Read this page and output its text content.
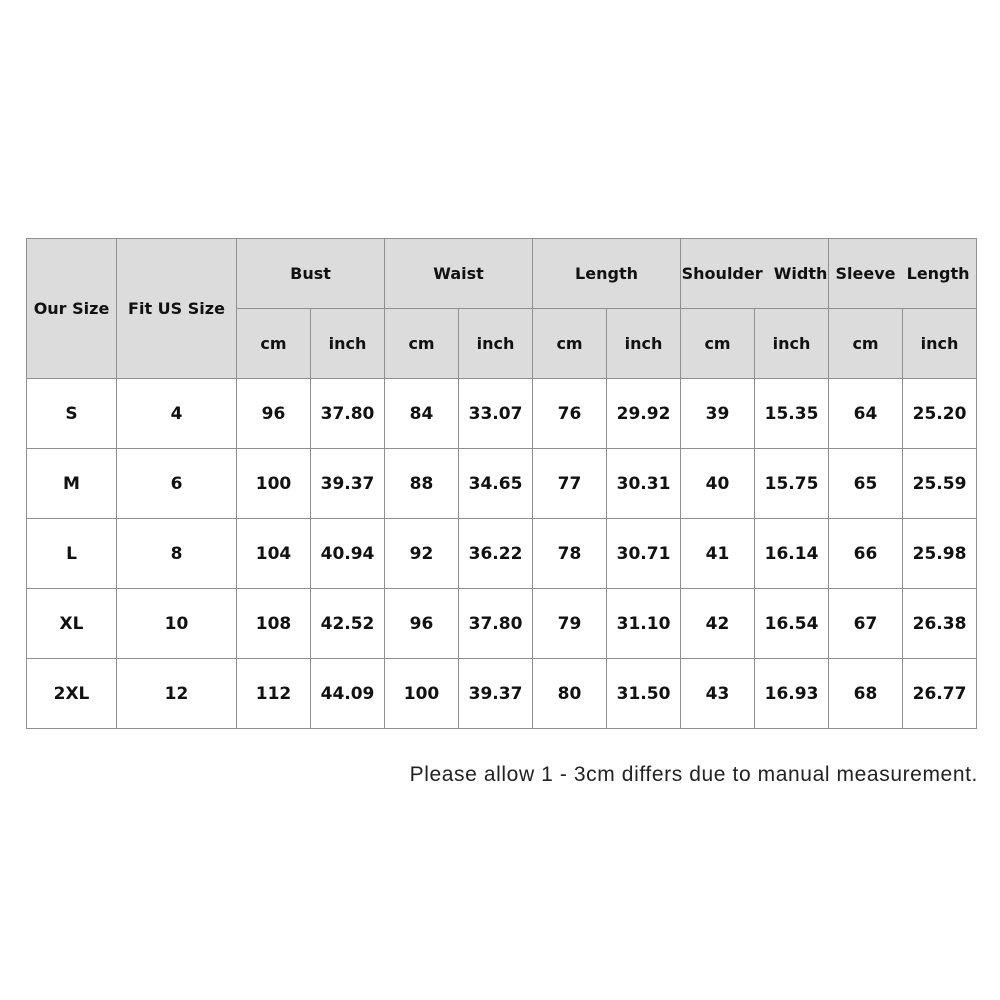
Our Size	Fit US Size	Bust		Waist		Length		Shoulder  Width		Sleeve  Length	
		cm	inch	cm	inch	cm	inch	cm	inch	cm	inch
S	4	96	37.80	84	33.07	76	29.92	39	15.35	64	25.20
M	6	100	39.37	88	34.65	77	30.31	40	15.75	65	25.59
L	8	104	40.94	92	36.22	78	30.71	41	16.14	66	25.98
XL	10	108	42.52	96	37.80	79	31.10	42	16.54	67	26.38
2XL	12	112	44.09	100	39.37	80	31.50	43	16.93	68	26.77
Please allow 1 - 3cm differs due to manual measurement.
